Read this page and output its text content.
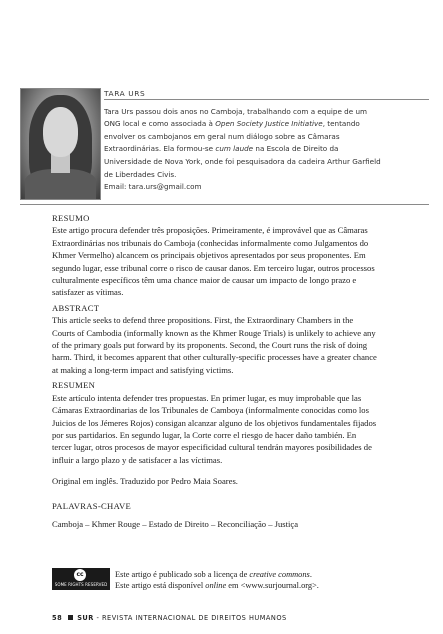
TARA URS
Tara Urs passou dois anos no Camboja, trabalhando com a equipe de um
ONG local e como associada à Open Society Justice Initiative, tentando
envolver os cambojanos em geral num diálogo sobre as Câmaras
Extraordinárias. Ela formou-se cum laude na Escola de Direito da
Universidade de Nova York, onde foi pesquisadora da cadeira Arthur Garfield
de Liberdades Civis.
Email: tara.urs@gmail.com
RESUMO
Este artigo procura defender três proposições. Primeiramente, é improvável que as Câmaras
Extraordinárias nos tribunais do Camboja (conhecidas informalmente como Julgamentos do
Khmer Vermelho) alcancem os principais objetivos apresentados por seus proponentes. Em
segundo lugar, esse tribunal corre o risco de causar danos. Em terceiro lugar, outros processos
culturalmente específicos têm uma chance maior de causar um impacto de longo prazo e
satisfazer as vítimas.
ABSTRACT
This article seeks to defend three propositions. First, the Extraordinary Chambers in the
Courts of Cambodia (informally known as the Khmer Rouge Trials) is unlikely to achieve any
of the primary goals put forward by its proponents. Second, the Court runs the risk of doing
harm. Third, it becomes apparent that other culturally-specific processes have a greater chance
at making a long-term impact and satisfying victims.
RESUMEN
Este artículo intenta defender tres propuestas. En primer lugar, es muy improbable que las
Cámaras Extraordinarias de los Tribunales de Camboya (informalmente conocidas como los
Juicios de los Jémeres Rojos) consigan alcanzar alguno de los objetivos fundamentales fijados
por sus partidarios. En segundo lugar, la Corte corre el riesgo de hacer daño también. En
tercer lugar, otros procesos de mayor especificidad cultural tendrán mayores posibilidades de
influir a largo plazo y de satisfacer a las víctimas.
Original em inglês. Traduzido por Pedro Maia Soares.
PALAVRAS-CHAVE
Camboja – Khmer Rouge – Estado de Direito – Reconciliação – Justiça
cc
SOME RIGHTS RESERVED
Este artigo é publicado sob a licença de creative commons.
Este artigo está disponível online em <www.surjournal.org>.
58 SUR - REVISTA INTERNACIONAL DE DIREITOS HUMANOS
